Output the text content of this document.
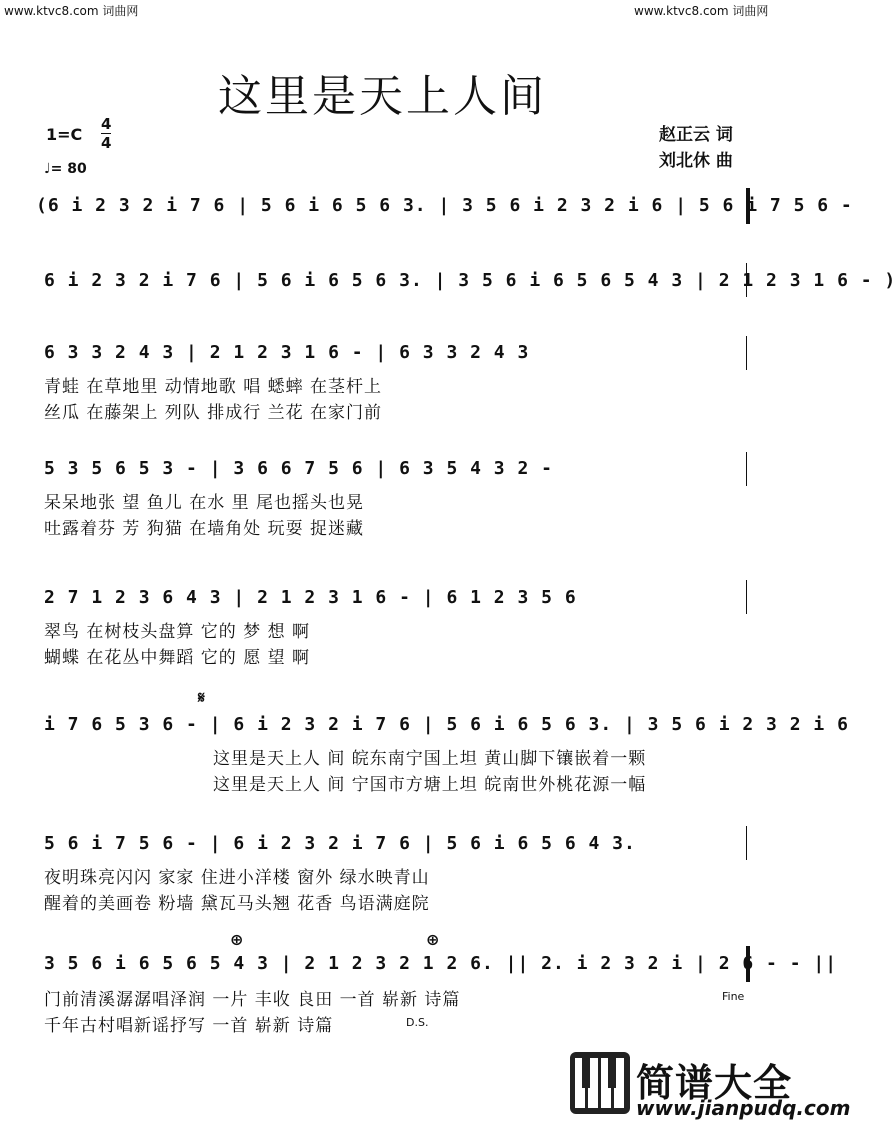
www.ktvc8.com 词曲网	www.ktvc8.com 词曲网
这里是天上人间
1=C
4
4
♩= 80
赵正云 词
刘北休 曲
(6 i 2 3 2 i 7 6 | 5 6 i 6 5 6 3. | 3 5 6 i 2 3 2 i 6 | 5 6 i 7 5 6 -
6 i 2 3 2 i 7 6 | 5 6 i 6 5 6 3. | 3 5 6 i 6 5 6 5 4 3 | 2 1 2 3 1 6 - )
6 3 3 2 4 3 | 2 1 2 3 1 6 - | 6 3 3 2 4 3
青蛙 在草地里 动情地歌 唱 蟋蟀 在茎杆上
丝瓜 在藤架上 列队 排成行 兰花 在家门前
5 3 5 6 5 3 - | 3 6 6 7 5 6 | 6 3 5 4 3 2 -
呆呆地张 望 鱼儿 在水 里 尾也摇头也晃
吐露着芬 芳 狗猫 在墙角处 玩耍 捉迷藏
2 7 1 2 3 6 4 3 | 2 1 2 3 1 6 - | 6 1 2 3 5 6
翠鸟 在树枝头盘算 它的 梦 想 啊
蝴蝶 在花丛中舞蹈 它的 愿 望 啊
𝄋
i 7 6 5 3 6 - | 6 i 2 3 2 i 7 6 | 5 6 i 6 5 6 3. | 3 5 6 i 2 3 2 i 6
这里是天上人 间 皖东南宁国上坦 黄山脚下镶嵌着一颗
这里是天上人 间 宁国市方塘上坦 皖南世外桃花源一幅
5 6 i 7 5 6 - | 6 i 2 3 2 i 7 6 | 5 6 i 6 5 6 4 3.
夜明珠亮闪闪 家家 住进小洋楼 窗外 绿水映青山
醒着的美画卷 粉墙 黛瓦马头翘 花香 鸟语满庭院
⊕	⊕
3 5 6 i 6 5 6 5 4 3 | 2 1 2 3 2 1 2 6. || 2. i 2 3 2 i | 2 6 - - ||
门前清溪潺潺唱泽润 一片 丰收 良田 一首 崭新 诗篇
千年古村唱新谣抒写 一首 崭新 诗篇
Fine
D.S.
简谱大全
www.jianpudq.com
